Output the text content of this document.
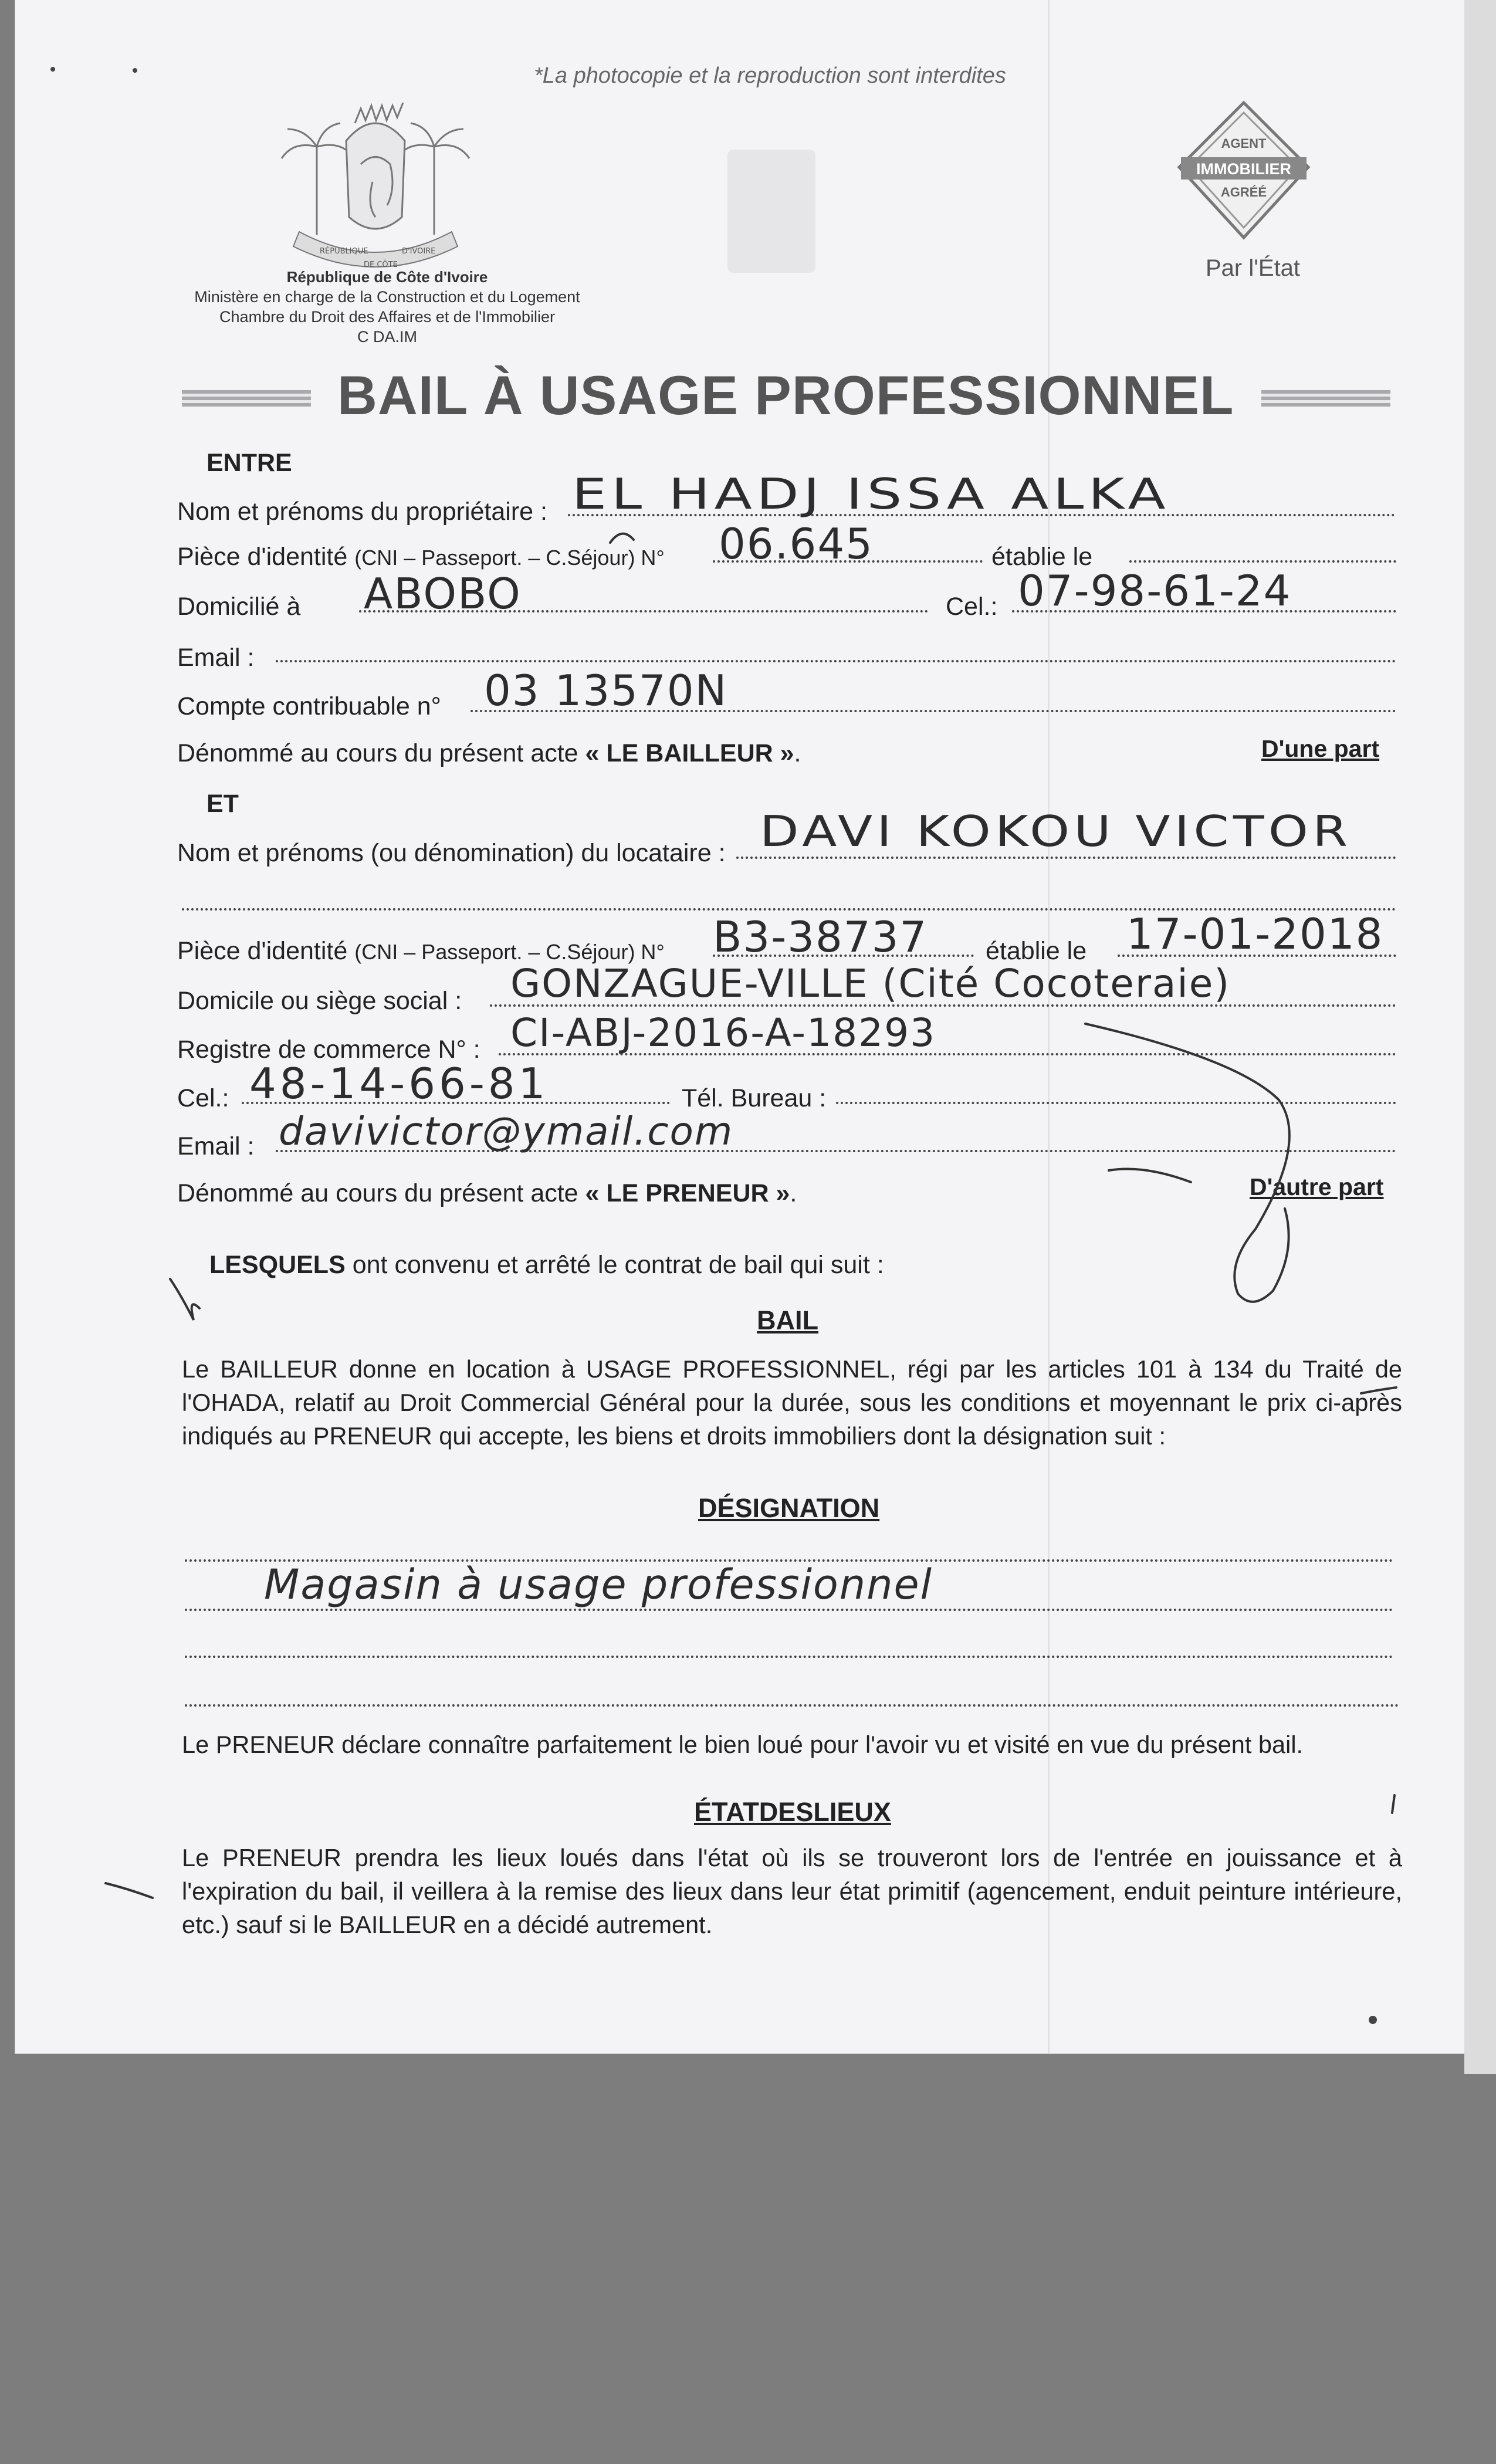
*La photocopie et la reproduction sont interdites
RÉPUBLIQUE
DE CÔTE
D'IVOIRE
République de Côte d'Ivoire
Ministère en charge de la Construction et du Logement
Chambre du Droit des Affaires et de l'Immobilier
C DA.IM
AGENT
IMMOBILIER
AGRÉÉ
Par l'État
BAIL À USAGE PROFESSIONNEL
ENTRE
Nom et prénoms du propriétaire : EL HADJ ISSA ALKA
Pièce d'identité (CNI – Passeport. – C.Séjour) N° 06.645	établie le
Domicilié à ABOBO	Cel.: 07-98-61-24
Email :
Compte contribuable n° 03 13570N
Dénommé au cours du présent acte « LE BAILLEUR ».	D'une part
ET
Nom et prénoms (ou dénomination) du locataire : DAVI KOKOU VICTOR
Pièce d'identité (CNI – Passeport. – C.Séjour) N° B3-38737 établie le 17-01-2018
Domicile ou siège social : GONZAGUE-VILLE (Cité Cocoteraie)
Registre de commerce N° : CI-ABJ-2016-A-18293
Cel.: 48-14-66-81	Tél. Bureau :
Email : davivictor@ymail.com
Dénommé au cours du présent acte « LE PRENEUR ».	D'autre part
LESQUELS ont convenu et arrêté le contrat de bail qui suit :
BAIL
Le BAILLEUR donne en location à USAGE PROFESSIONNEL, régi par les articles 101 à 134 du Traité de l'OHADA, relatif au Droit Commercial Général pour la durée, sous les conditions et moyennant le prix ci-après indiqués au PRENEUR qui accepte, les biens et droits immobiliers dont la désignation suit :
DÉSIGNATION
Magasin à usage professionnel
Le PRENEUR déclare connaître parfaitement le bien loué pour l'avoir vu et visité en vue du présent bail.
ÉTATDESLIEUX
Le PRENEUR prendra les lieux loués dans l'état où ils se trouveront lors de l'entrée en jouissance et à l'expiration du bail, il veillera à la remise des lieux dans leur état primitif (agencement, enduit peinture intérieure, etc.) sauf si le BAILLEUR en a décidé autrement.
